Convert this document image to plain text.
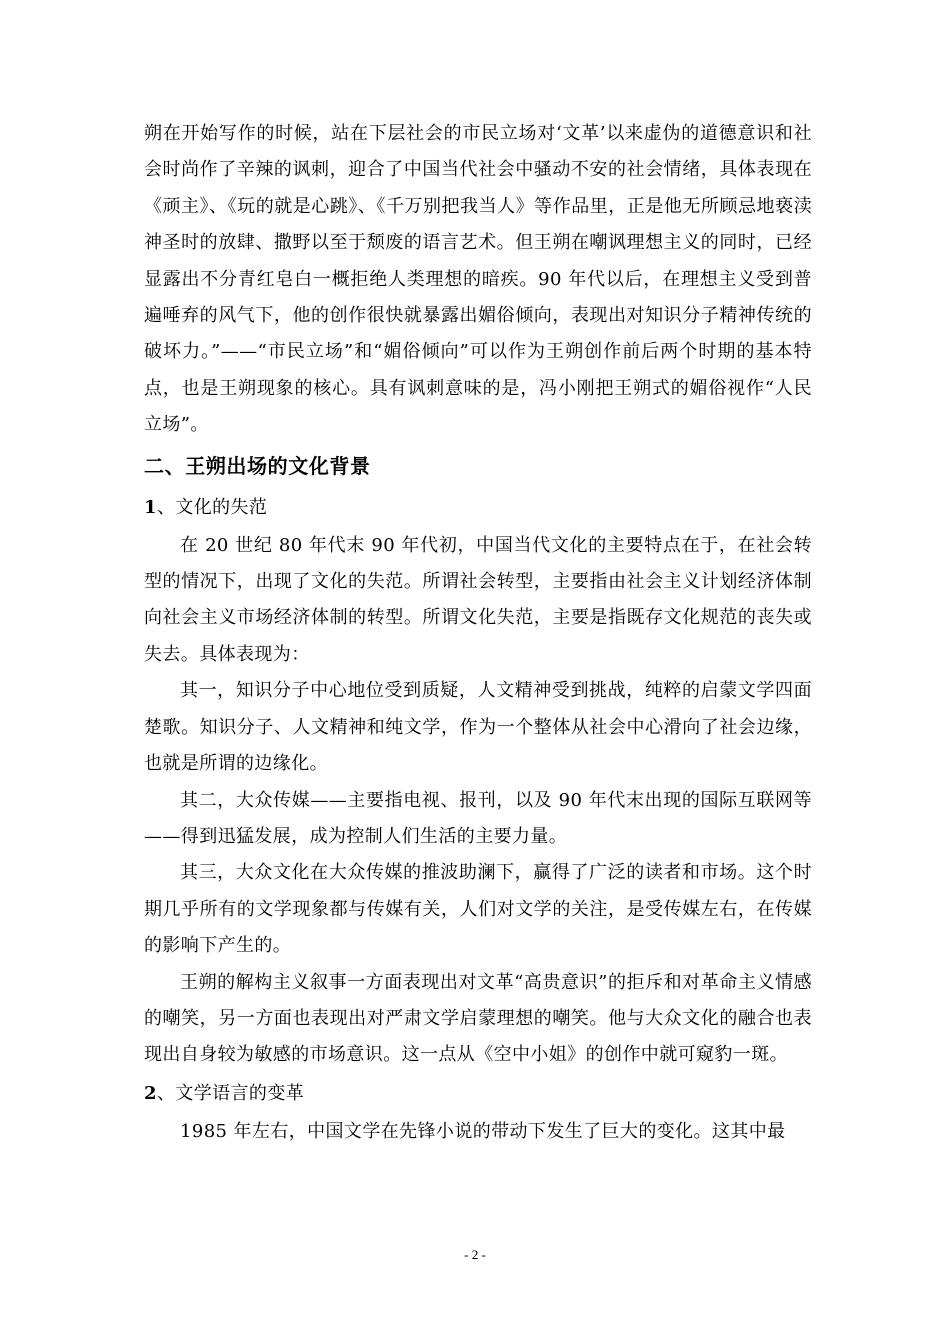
朔在开始写作的时候，站在下层社会的市民立场对‘文革’以来虚伪的道德意识和社会时尚作了辛辣的讽刺，迎合了中国当代社会中骚动不安的社会情绪，具体表现在《顽主》、《玩的就是心跳》、《千万别把我当人》等作品里，正是他无所顾忌地亵渎神圣时的放肆、撒野以至于颓废的语言艺术。但王朔在嘲讽理想主义的同时，已经显露出不分青红皂白一概拒绝人类理想的暗疾。90 年代以后，在理想主义受到普遍唾弃的风气下，他的创作很快就暴露出媚俗倾向，表现出对知识分子精神传统的破坏力。”——“市民立场”和“媚俗倾向”可以作为王朔创作前后两个时期的基本特点，也是王朔现象的核心。具有讽刺意味的是，冯小刚把王朔式的媚俗视作“人民立场”。

二、王朔出场的文化背景
1、文化的失范

在 20 世纪 80 年代末 90 年代初，中国当代文化的主要特点在于，在社会转型的情况下，出现了文化的失范。所谓社会转型，主要指由社会主义计划经济体制向社会主义市场经济体制的转型。所谓文化失范，主要是指既存文化规范的丧失或失去。具体表现为：

其一，知识分子中心地位受到质疑，人文精神受到挑战，纯粹的启蒙文学四面楚歌。知识分子、人文精神和纯文学，作为一个整体从社会中心滑向了社会边缘，也就是所谓的边缘化。

其二，大众传媒——主要指电视、报刊，以及 90 年代末出现的国际互联网等——得到迅猛发展，成为控制人们生活的主要力量。

其三，大众文化在大众传媒的推波助澜下，赢得了广泛的读者和市场。这个时期几乎所有的文学现象都与传媒有关，人们对文学的关注，是受传媒左右，在传媒的影响下产生的。

王朔的解构主义叙事一方面表现出对文革“高贵意识”的拒斥和对革命主义情感的嘲笑，另一方面也表现出对严肃文学启蒙理想的嘲笑。他与大众文化的融合也表现出自身较为敏感的市场意识。这一点从《空中小姐》的创作中就可窥豹一斑。

2、文学语言的变革

1985 年左右，中国文学在先锋小说的带动下发生了巨大的变化。这其中最

- 2 -
